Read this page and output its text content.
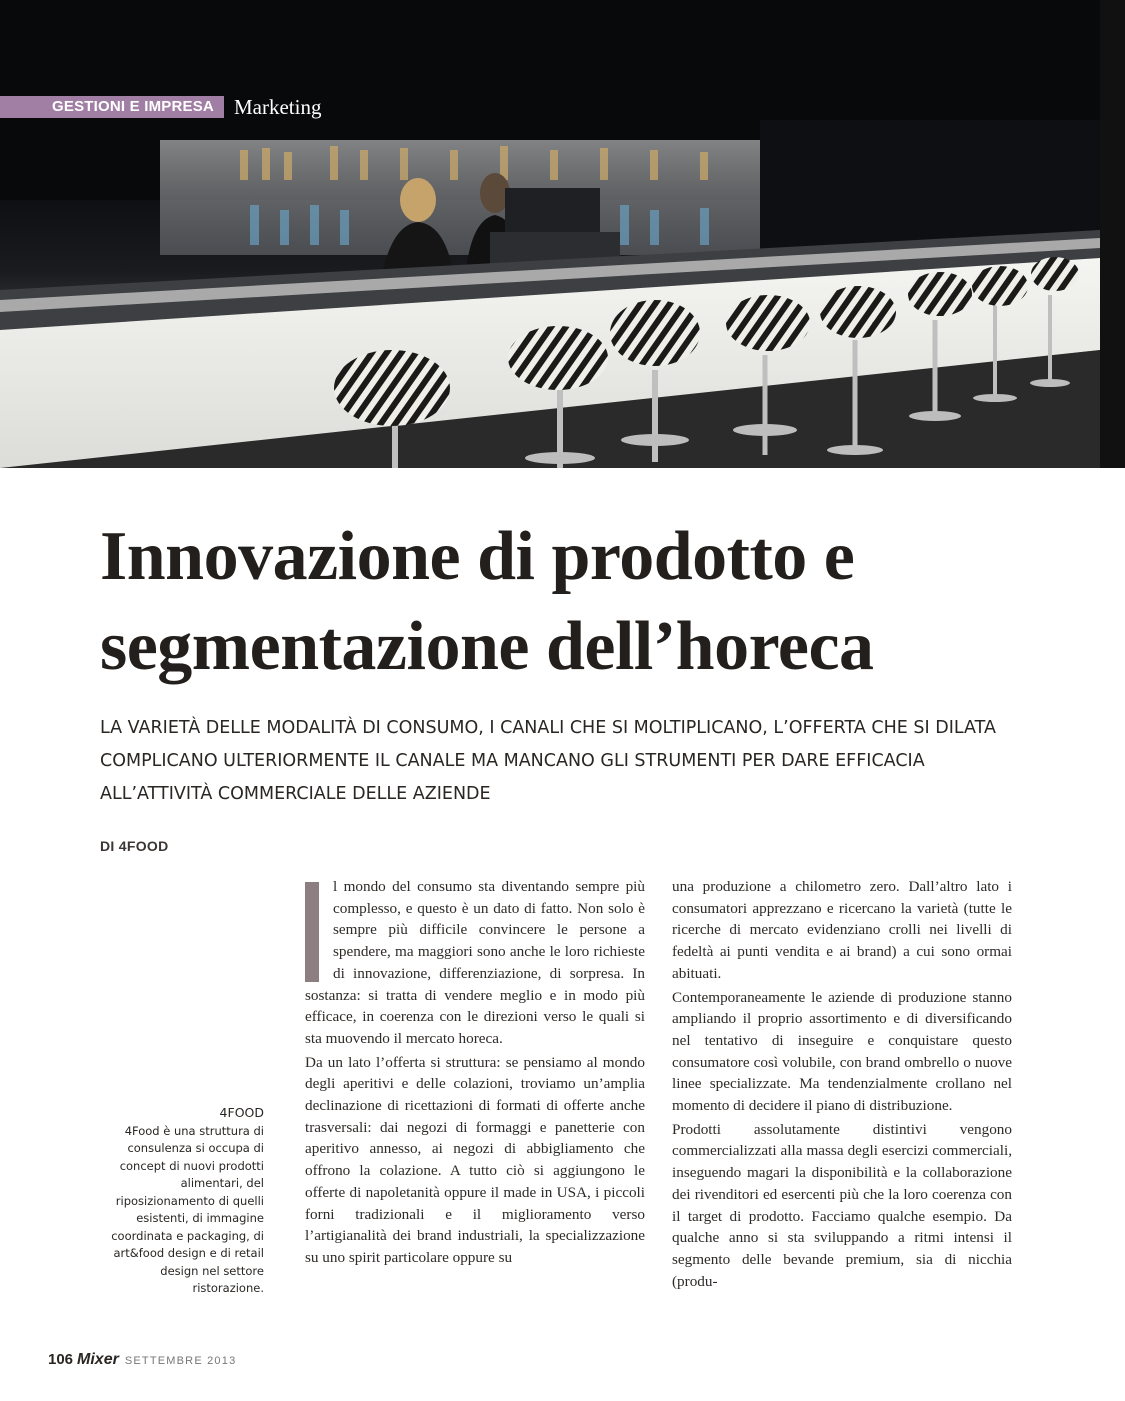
GESTIONI E IMPRESA Marketing
Innovazione di prodotto e segmentazione dell’horeca

LA VARIETÀ DELLE MODALITÀ DI CONSUMO, I CANALI CHE SI MOLTIPLICANO, L’OFFERTA CHE SI DILATA COMPLICANO ULTERIORMENTE IL CANALE MA MANCANO GLI STRUMENTI PER DARE EFFICACIA ALL’ATTIVITÀ COMMERCIALE DELLE AZIENDE

DI 4FOOD

4FOOD
4Food è una struttura di consulenza si occupa di concept di nuovi prodotti alimentari, del riposizionamento di quelli esistenti, di immagine coordinata e packaging, di art&food design e di retail design nel settore ristorazione.

l mondo del consumo sta diventando sempre più complesso, e questo è un dato di fatto. Non solo è sempre più difficile convincere le persone a spendere, ma maggiori sono anche le loro richieste di innovazione, differenziazione, di sorpresa. In sostanza: si tratta di vendere meglio e in modo più efficace, in coerenza con le direzioni verso le quali si sta muovendo il mercato horeca.

Da un lato l’offerta si struttura: se pensiamo al mondo degli aperitivi e delle colazioni, troviamo un’amplia declinazione di ricettazioni di formati di offerte anche trasversali: dai negozi di formaggi e panetterie con aperitivo annesso, ai negozi di abbigliamento che offrono la colazione. A tutto ciò si aggiungono le offerte di napoletanità oppure il made in USA, i piccoli forni tradizionali e il miglioramento verso l’artigianalità dei brand industriali, la specializzazione su uno spirit particolare oppure su

una produzione a chilometro zero. Dall’altro lato i consumatori apprezzano e ricercano la varietà (tutte le ricerche di mercato evidenziano crolli nei livelli di fedeltà ai punti vendita e ai brand) a cui sono ormai abituati.

Contemporaneamente le aziende di produzione stanno ampliando il proprio assortimento e di diversificando nel tentativo di inseguire e conquistare questo consumatore così volubile, con brand ombrello o nuove linee specializzate. Ma tendenzialmente crollano nel momento di decidere il piano di distribuzione.

Prodotti assolutamente distintivi vengono commercializzati alla massa degli esercizi commerciali, inseguendo magari la disponibilità e la collaborazione dei rivenditori ed esercenti più che la loro coerenza con il target di prodotto. Facciamo qualche esempio. Da qualche anno si sta sviluppando a ritmi intensi il segmento delle bevande premium, sia di nicchia (produ-

106 Mixer SETTEMBRE 2013
